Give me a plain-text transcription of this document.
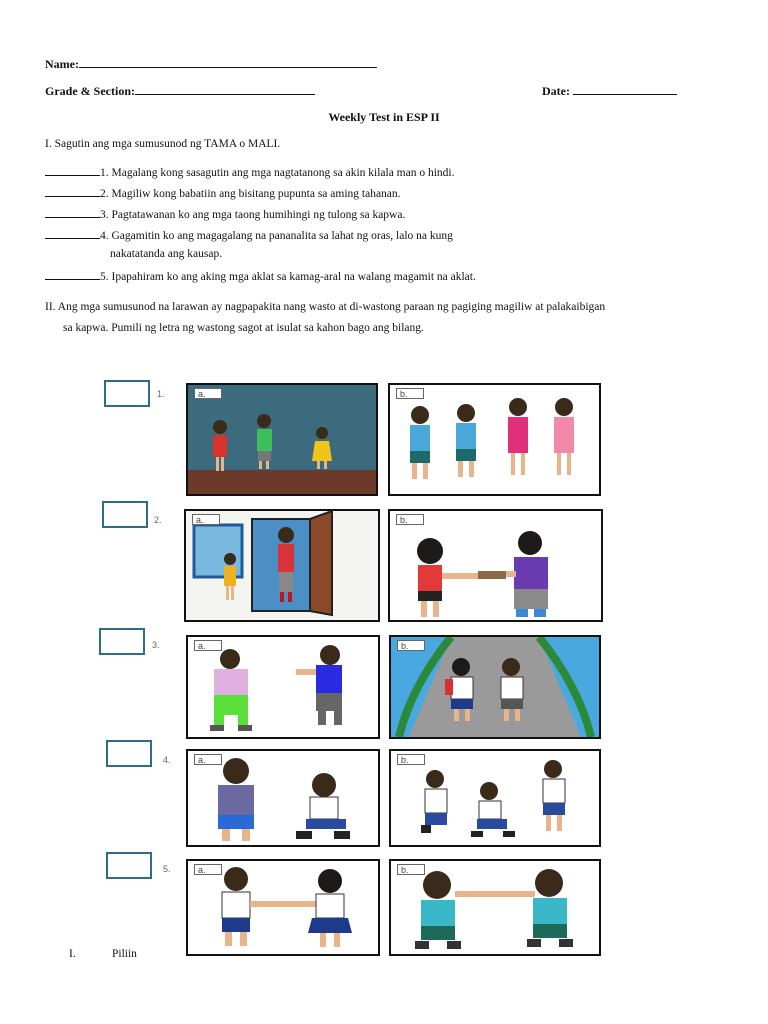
Name:
Grade & Section:	Date:
Weekly Test in ESP II
I. Sagutin ang mga sumusunod ng TAMA o MALI.
1. Magalang kong sasagutin ang mga nagtatanong sa akin kilala man o hindi.
2. Magiliw kong babatiin ang bisitang pupunta sa aming tahanan.
3. Pagtatawanan ko ang mga taong humihingi ng tulong sa kapwa.
4. Gagamitin ko ang magagalang na pananalita sa lahat ng oras, lalo na kung
nakatatanda ang kausap.
5. Ipapahiram ko ang aking mga aklat sa kamag-aral na walang magamit na aklat.
II. Ang mga sumusunod na larawan ay nagpapakita nang wasto at di-wastong paraan ng pagiging magiliw at palakaibigan
sa kapwa. Pumili ng letra ng wastong sagot at isulat sa kahon bago ang bilang.
1.	a.	b.
2.	a.	b.
3.	a.	b.
4.	a.	b.
5.	a.	b.
I.	Piliin
